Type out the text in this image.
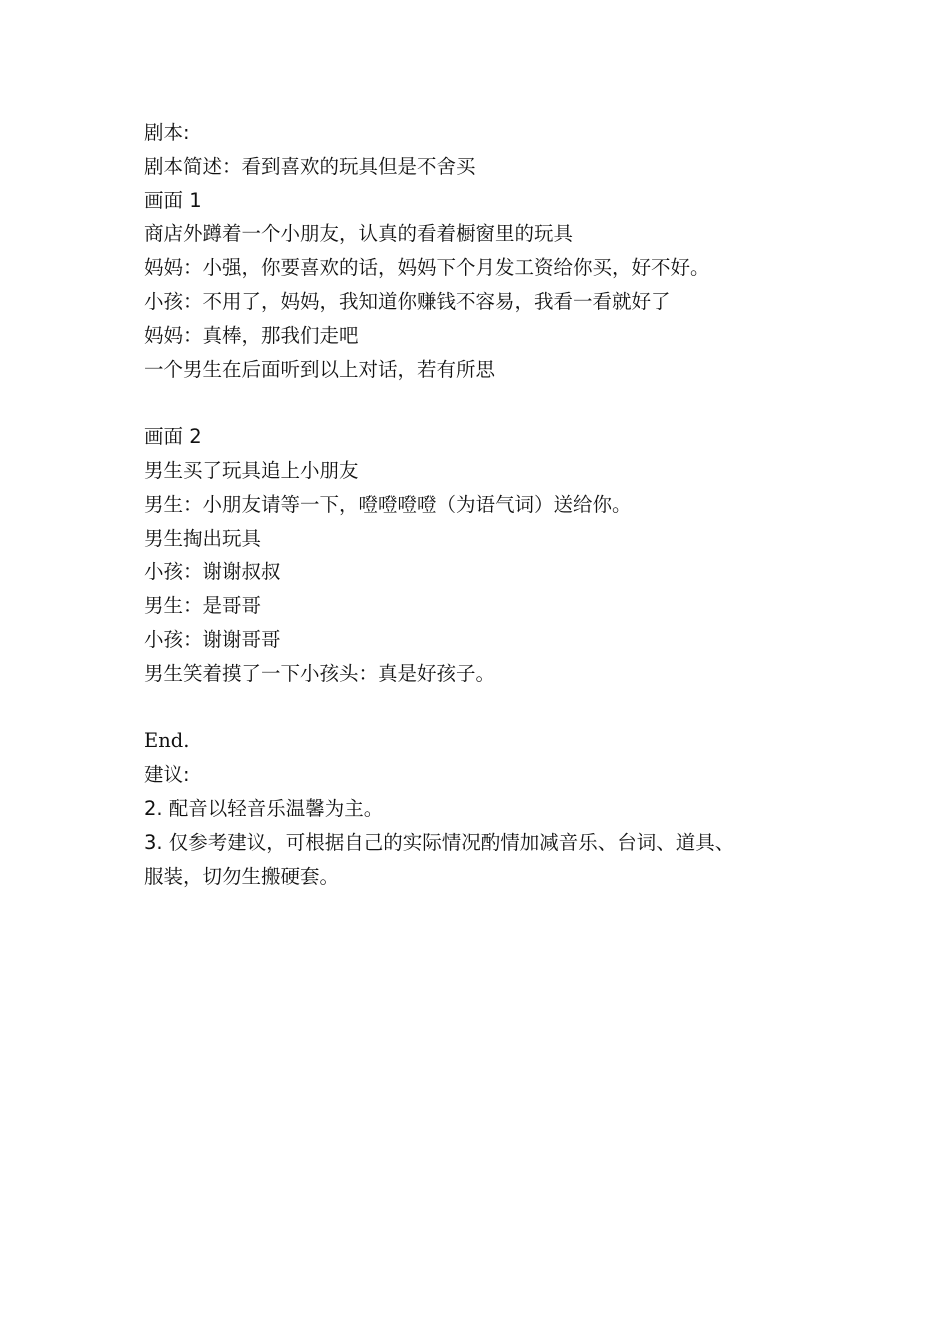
剧本:
剧本简述：看到喜欢的玩具但是不舍买
画面 1
商店外蹲着一个小朋友，认真的看着橱窗里的玩具
妈妈：小强，你要喜欢的话，妈妈下个月发工资给你买，好不好。
小孩：不用了，妈妈，我知道你赚钱不容易，我看一看就好了
妈妈：真棒，那我们走吧
一个男生在后面听到以上对话，若有所思
画面 2
男生买了玩具追上小朋友
男生：小朋友请等一下，噔噔噔噔（为语气词）送给你。
男生掏出玩具
小孩：谢谢叔叔
男生：是哥哥
小孩：谢谢哥哥
男生笑着摸了一下小孩头：真是好孩子。
End.
建议:
2. 配音以轻音乐温馨为主。
3. 仅参考建议，可根据自己的实际情况酌情加减音乐、台词、道具、服装，切勿生搬硬套。
